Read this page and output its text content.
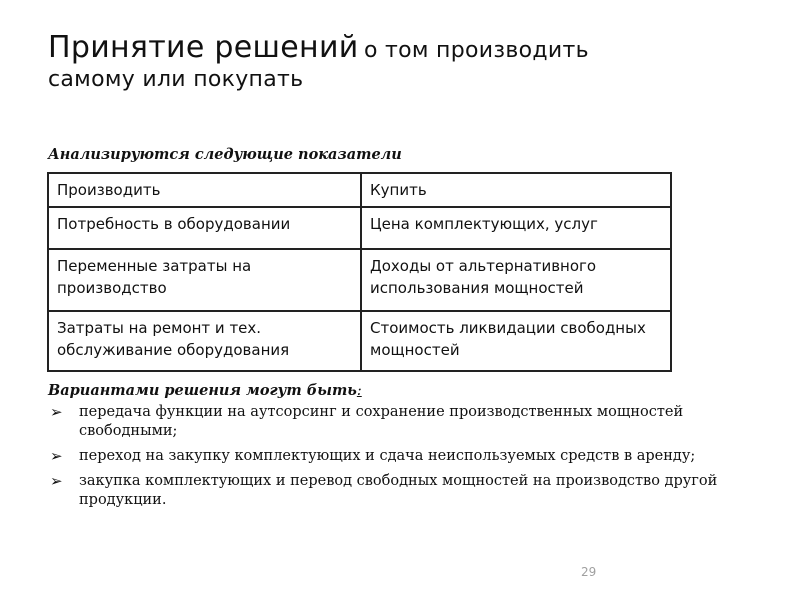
Принятие решений о том производить
самому или покупать
Анализируются следующие показатели
Производить	Купить
Потребность в оборудовании	Цена комплектующих, услуг
Переменные затраты на производство	Доходы от альтернативного использования мощностей
Затраты на ремонт и тех. обслуживание оборудования	Стоимость ликвидации свободных мощностей
Вариантами решения могут быть:
➢ передача функции на аутсорсинг и сохранение производственных мощностей свободными;
➢ переход на закупку комплектующих и сдача неиспользуемых средств в аренду;
➢ закупка комплектующих и перевод свободных мощностей на производство другой продукции.
29
